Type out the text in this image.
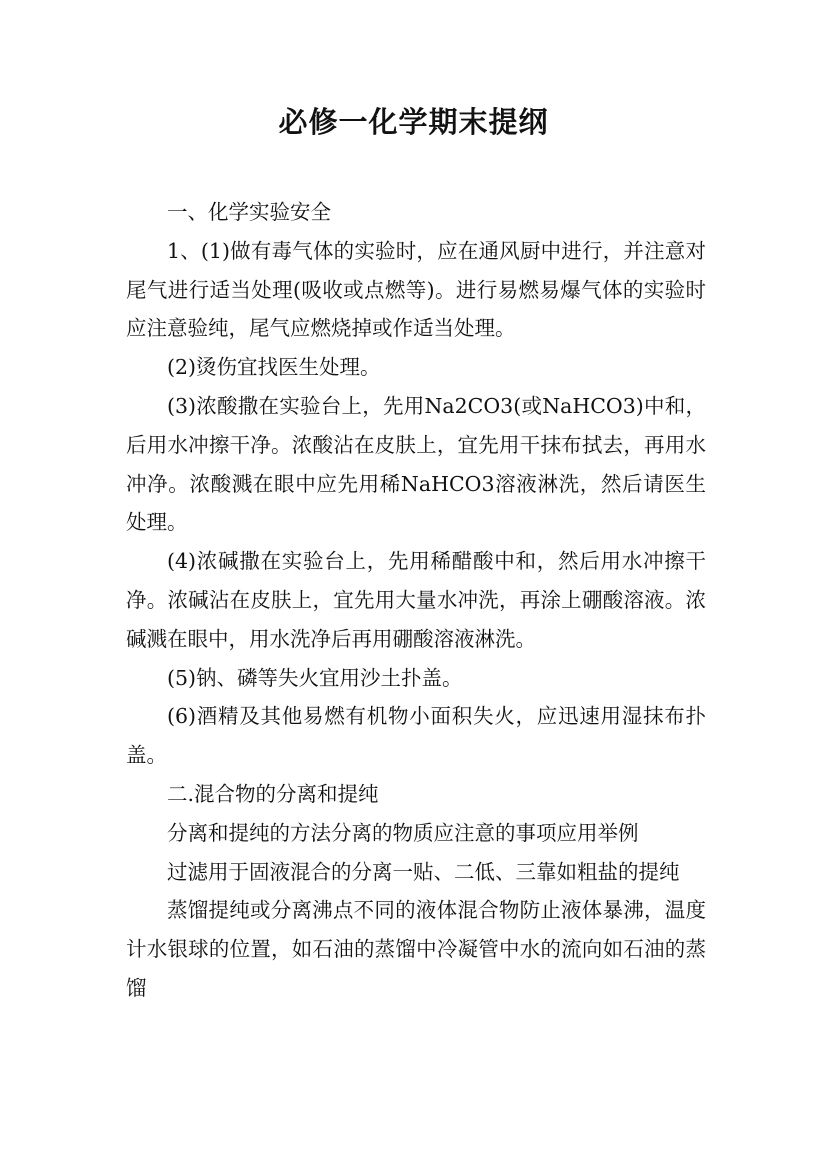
必修一化学期末提纲

一、化学实验安全

1、(1)做有毒气体的实验时，应在通风厨中进行，并注意对尾气进行适当处理(吸收或点燃等)。进行易燃易爆气体的实验时应注意验纯，尾气应燃烧掉或作适当处理。

(2)烫伤宜找医生处理。

(3)浓酸撒在实验台上，先用Na2CO3(或NaHCO3)中和，后用水冲擦干净。浓酸沾在皮肤上，宜先用干抹布拭去，再用水冲净。浓酸溅在眼中应先用稀NaHCO3溶液淋洗，然后请医生处理。

(4)浓碱撒在实验台上，先用稀醋酸中和，然后用水冲擦干净。浓碱沾在皮肤上，宜先用大量水冲洗，再涂上硼酸溶液。浓碱溅在眼中，用水洗净后再用硼酸溶液淋洗。

(5)钠、磷等失火宜用沙土扑盖。

(6)酒精及其他易燃有机物小面积失火，应迅速用湿抹布扑盖。

二.混合物的分离和提纯

分离和提纯的方法分离的物质应注意的事项应用举例

过滤用于固液混合的分离一贴、二低、三靠如粗盐的提纯

蒸馏提纯或分离沸点不同的液体混合物防止液体暴沸，温度计水银球的位置，如石油的蒸馏中冷凝管中水的流向如石油的蒸馏
